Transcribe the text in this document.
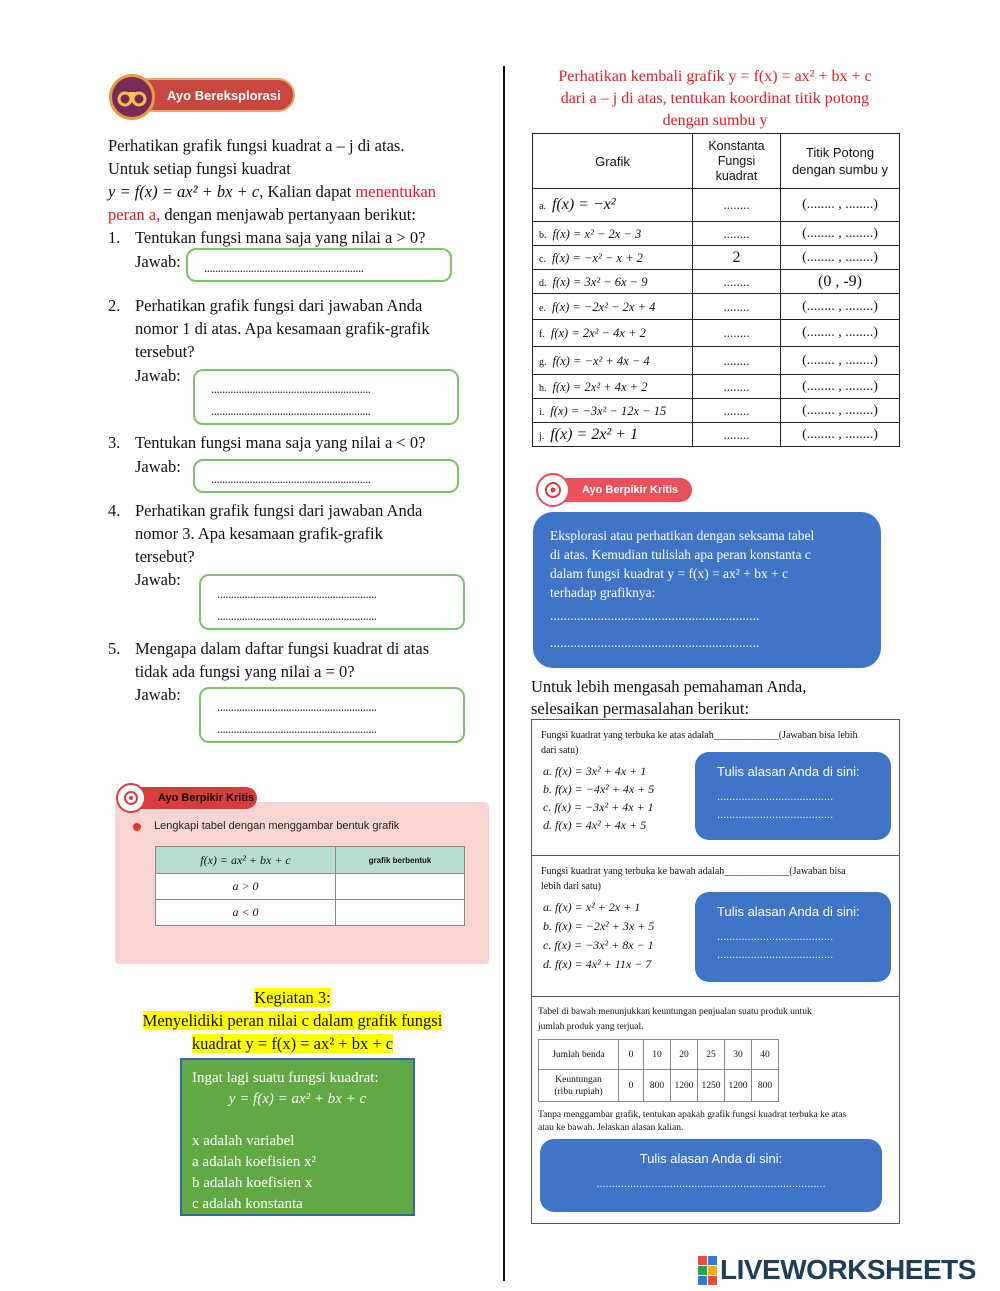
Ayo Bereksplorasi
Perhatikan grafik fungsi kuadrat a – j di atas.
Untuk setiap fungsi kuadrat
y = f(x) = ax² + bx + c, Kalian dapat menentukan
peran a, dengan menjawab pertanyaan berikut:
1. Tentukan fungsi mana saja yang nilai a > 0?
Jawab: ..........................................................
2. Perhatikan grafik fungsi dari jawaban Anda
nomor 1 di atas. Apa kesamaan grafik-grafik
tersebut?
Jawab:
..........................................................
..........................................................
3. Tentukan fungsi mana saja yang nilai a < 0?
Jawab:
..........................................................
4. Perhatikan grafik fungsi dari jawaban Anda
nomor 3. Apa kesamaan grafik-grafik
tersebut?
Jawab:
..........................................................
..........................................................
5. Mengapa dalam daftar fungsi kuadrat di atas
tidak ada fungsi yang nilai a = 0?
Jawab:
..........................................................
..........................................................
Ayo Berpikir Kritis
Lengkapi tabel dengan menggambar bentuk grafik
f(x) = ax² + bx + c	grafik berbentuk
a > 0	
a < 0	
Kegiatan 3:
Menyelidiki peran nilai c dalam grafik fungsi
kuadrat y = f(x) = ax² + bx + c
Ingat lagi suatu fungsi kuadrat:
y = f(x) = ax² + bx + c
x adalah variabel
a adalah koefisien x²
b adalah koefisien x
c adalah konstanta
Perhatikan kembali grafik y = f(x) = ax² + bx + c
dari a – j di atas, tentukan koordinat titik potong
dengan sumbu y
Grafik	Konstanta Fungsi kuadrat	Titik Potong dengan sumbu y
a. f(x) = −x²	........	(........ , ........)
b. f(x) = x² − 2x − 3	........	(........ , ........)
c. f(x) = −x² − x + 2	2	(........ , ........)
d. f(x) = 3x² − 6x − 9	........	(0 , -9)
e. f(x) = −2x² − 2x + 4	........	(........ , ........)
f. f(x) = 2x² − 4x + 2	........	(........ , ........)
g. f(x) = −x² + 4x − 4	........	(........ , ........)
h. f(x) = 2x² + 4x + 2	........	(........ , ........)
i. f(x) = −3x² − 12x − 15	........	(........ , ........)
j. f(x) = 2x² + 1	........	(........ , ........)
Ayo Berpikir Kritis
Eksplorasi atau perhatikan dengan seksama tabel
di atas. Kemudian tulislah apa peran konstanta c
dalam fungsi kuadrat y = f(x) = ax² + bx + c
terhadap grafiknya:
..............................................................
..............................................................
Untuk lebih mengasah pemahaman Anda,
selesaikan permasalahan berikut:
Fungsi kuadrat yang terbuka ke atas adalah_____________(Jawaban bisa lebih
dari satu)
a. f(x) = 3x² + 4x + 1
b. f(x) = −4x² + 4x + 5
c. f(x) = −3x² + 4x + 1
d. f(x) = 4x² + 4x + 5
Tulis alasan Anda di sini:
......................................
......................................
Fungsi kuadrat yang terbuka ke bawah adalah_____________(Jawaban bisa
lebih dari satu)
a. f(x) = x² + 2x + 1
b. f(x) = −2x² + 3x + 5
c. f(x) = −3x² + 8x − 1
d. f(x) = 4x² + 11x − 7
Tulis alasan Anda di sini:
......................................
......................................
Tabel di bawah menunjukkan keuntungan penjualan suatu produk untuk
jumlah produk yang terjual.
Jumlah benda	0	10	20	25	30	40

Keuntungan
(ribu rupiah)	0	800	1200	1250	1200	800
Tanpa menggambar grafik, tentukan apakah grafik fungsi kuadrat terbuka ke atas
atau ke bawah. Jelaskan alasan kalian.
Tulis alasan Anda di sini:
...........................................................................
LIVEWORKSHEETS
